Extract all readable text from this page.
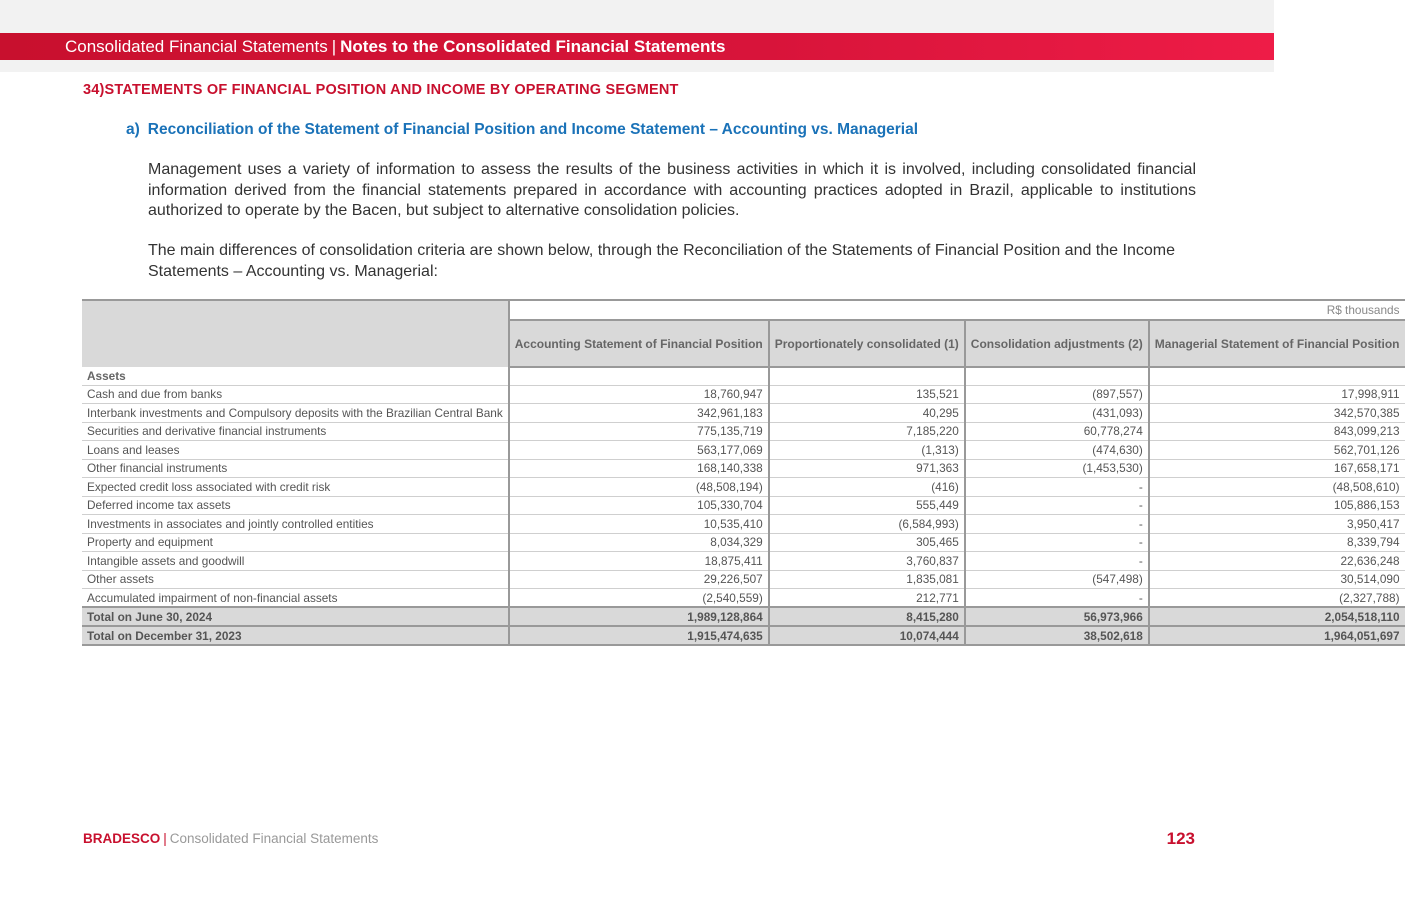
Consolidated Financial Statements | Notes to the Consolidated Financial Statements
34)STATEMENTS OF FINANCIAL POSITION AND INCOME BY OPERATING SEGMENT
a) Reconciliation of the Statement of Financial Position and Income Statement – Accounting vs. Managerial

Management uses a variety of information to assess the results of the business activities in which it is involved, including consolidated financial information derived from the financial statements prepared in accordance with accounting practices adopted in Brazil, applicable to institutions authorized to operate by the Bacen, but subject to alternative consolidation policies.

The main differences of consolidation criteria are shown below, through the Reconciliation of the Statements of Financial Position and the Income Statements – Accounting vs. Managerial:

	R$ thousands			
	Accounting Statement of Financial Position	Proportionately consolidated (1)	Consolidation adjustments (2)	Managerial Statement of Financial Position
Assets				
Cash and due from banks	18,760,947	135,521	(897,557)	17,998,911
Interbank investments and Compulsory deposits with the Brazilian Central Bank	342,961,183	40,295	(431,093)	342,570,385
Securities and derivative financial instruments	775,135,719	7,185,220	60,778,274	843,099,213
Loans and leases	563,177,069	(1,313)	(474,630)	562,701,126
Other financial instruments	168,140,338	971,363	(1,453,530)	167,658,171
Expected credit loss associated with credit risk	(48,508,194)	(416)	-	(48,508,610)
Deferred income tax assets	105,330,704	555,449	-	105,886,153
Investments in associates and jointly controlled entities	10,535,410	(6,584,993)	-	3,950,417
Property and equipment	8,034,329	305,465	-	8,339,794
Intangible assets and goodwill	18,875,411	3,760,837	-	22,636,248
Other assets	29,226,507	1,835,081	(547,498)	30,514,090
Accumulated impairment of non-financial assets	(2,540,559)	212,771	-	(2,327,788)
Total on June 30, 2024	1,989,128,864	8,415,280	56,973,966	2,054,518,110
Total on December 31, 2023	1,915,474,635	10,074,444	38,502,618	1,964,051,697
BRADESCO | Consolidated Financial Statements	123
